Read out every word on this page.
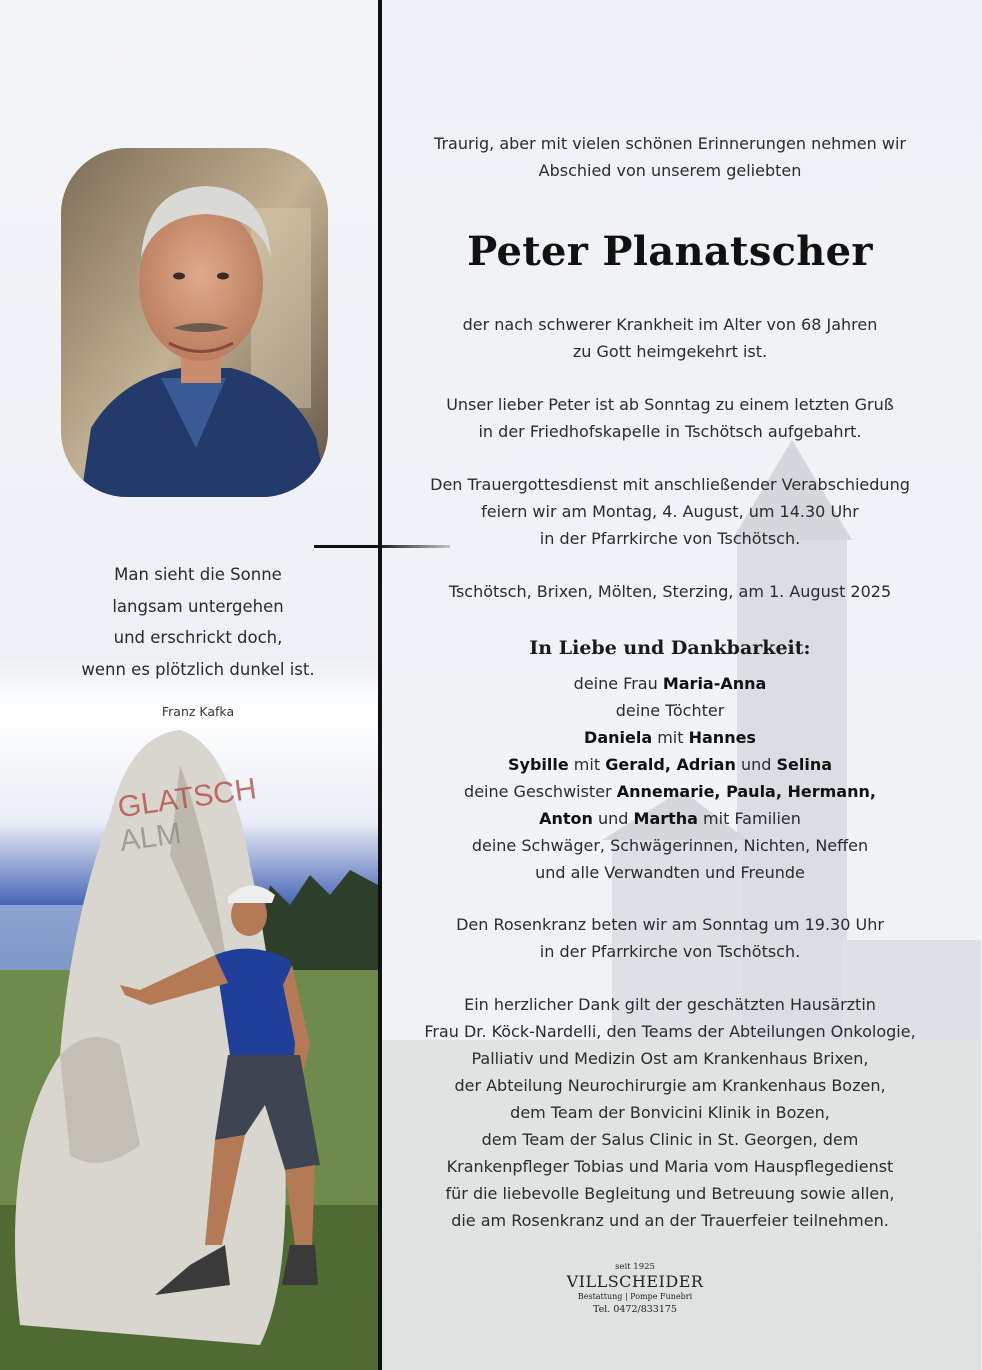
Man sieht die Sonne
langsam untergehen
und erschrickt doch,
wenn es plötzlich dunkel ist.
Franz Kafka
GLATSCH
ALM
Traurig, aber mit vielen schönen Erinnerungen nehmen wir
Abschied von unserem geliebten
Peter Planatscher
der nach schwerer Krankheit im Alter von 68 Jahren
zu Gott heimgekehrt ist.
Unser lieber Peter ist ab Sonntag zu einem letzten Gruß
in der Friedhofskapelle in Tschötsch aufgebahrt.
Den Trauergottesdienst mit anschließender Verabschiedung
feiern wir am Montag, 4. August, um 14.30 Uhr
in der Pfarrkirche von Tschötsch.
Tschötsch, Brixen, Mölten, Sterzing, am 1. August 2025
In Liebe und Dankbarkeit:
deine Frau Maria-Anna
deine Töchter
Daniela mit Hannes
Sybille mit Gerald, Adrian und Selina
deine Geschwister Annemarie, Paula, Hermann,
Anton und Martha mit Familien
deine Schwäger, Schwägerinnen, Nichten, Neffen
und alle Verwandten und Freunde
Den Rosenkranz beten wir am Sonntag um 19.30 Uhr
in der Pfarrkirche von Tschötsch.
Ein herzlicher Dank gilt der geschätzten Hausärztin
Frau Dr. Köck-Nardelli, den Teams der Abteilungen Onkologie,
Palliativ und Medizin Ost am Krankenhaus Brixen,
der Abteilung Neurochirurgie am Krankenhaus Bozen,
dem Team der Bonvicini Klinik in Bozen,
dem Team der Salus Clinic in St. Georgen, dem
Krankenpfleger Tobias und Maria vom Hauspflegedienst
für die liebevolle Begleitung und Betreuung sowie allen,
die am Rosenkranz und an der Trauerfeier teilnehmen.
seit 1925
VILLSCHEIDER
Bestattung | Pompe Funebri
Tel. 0472/833175
